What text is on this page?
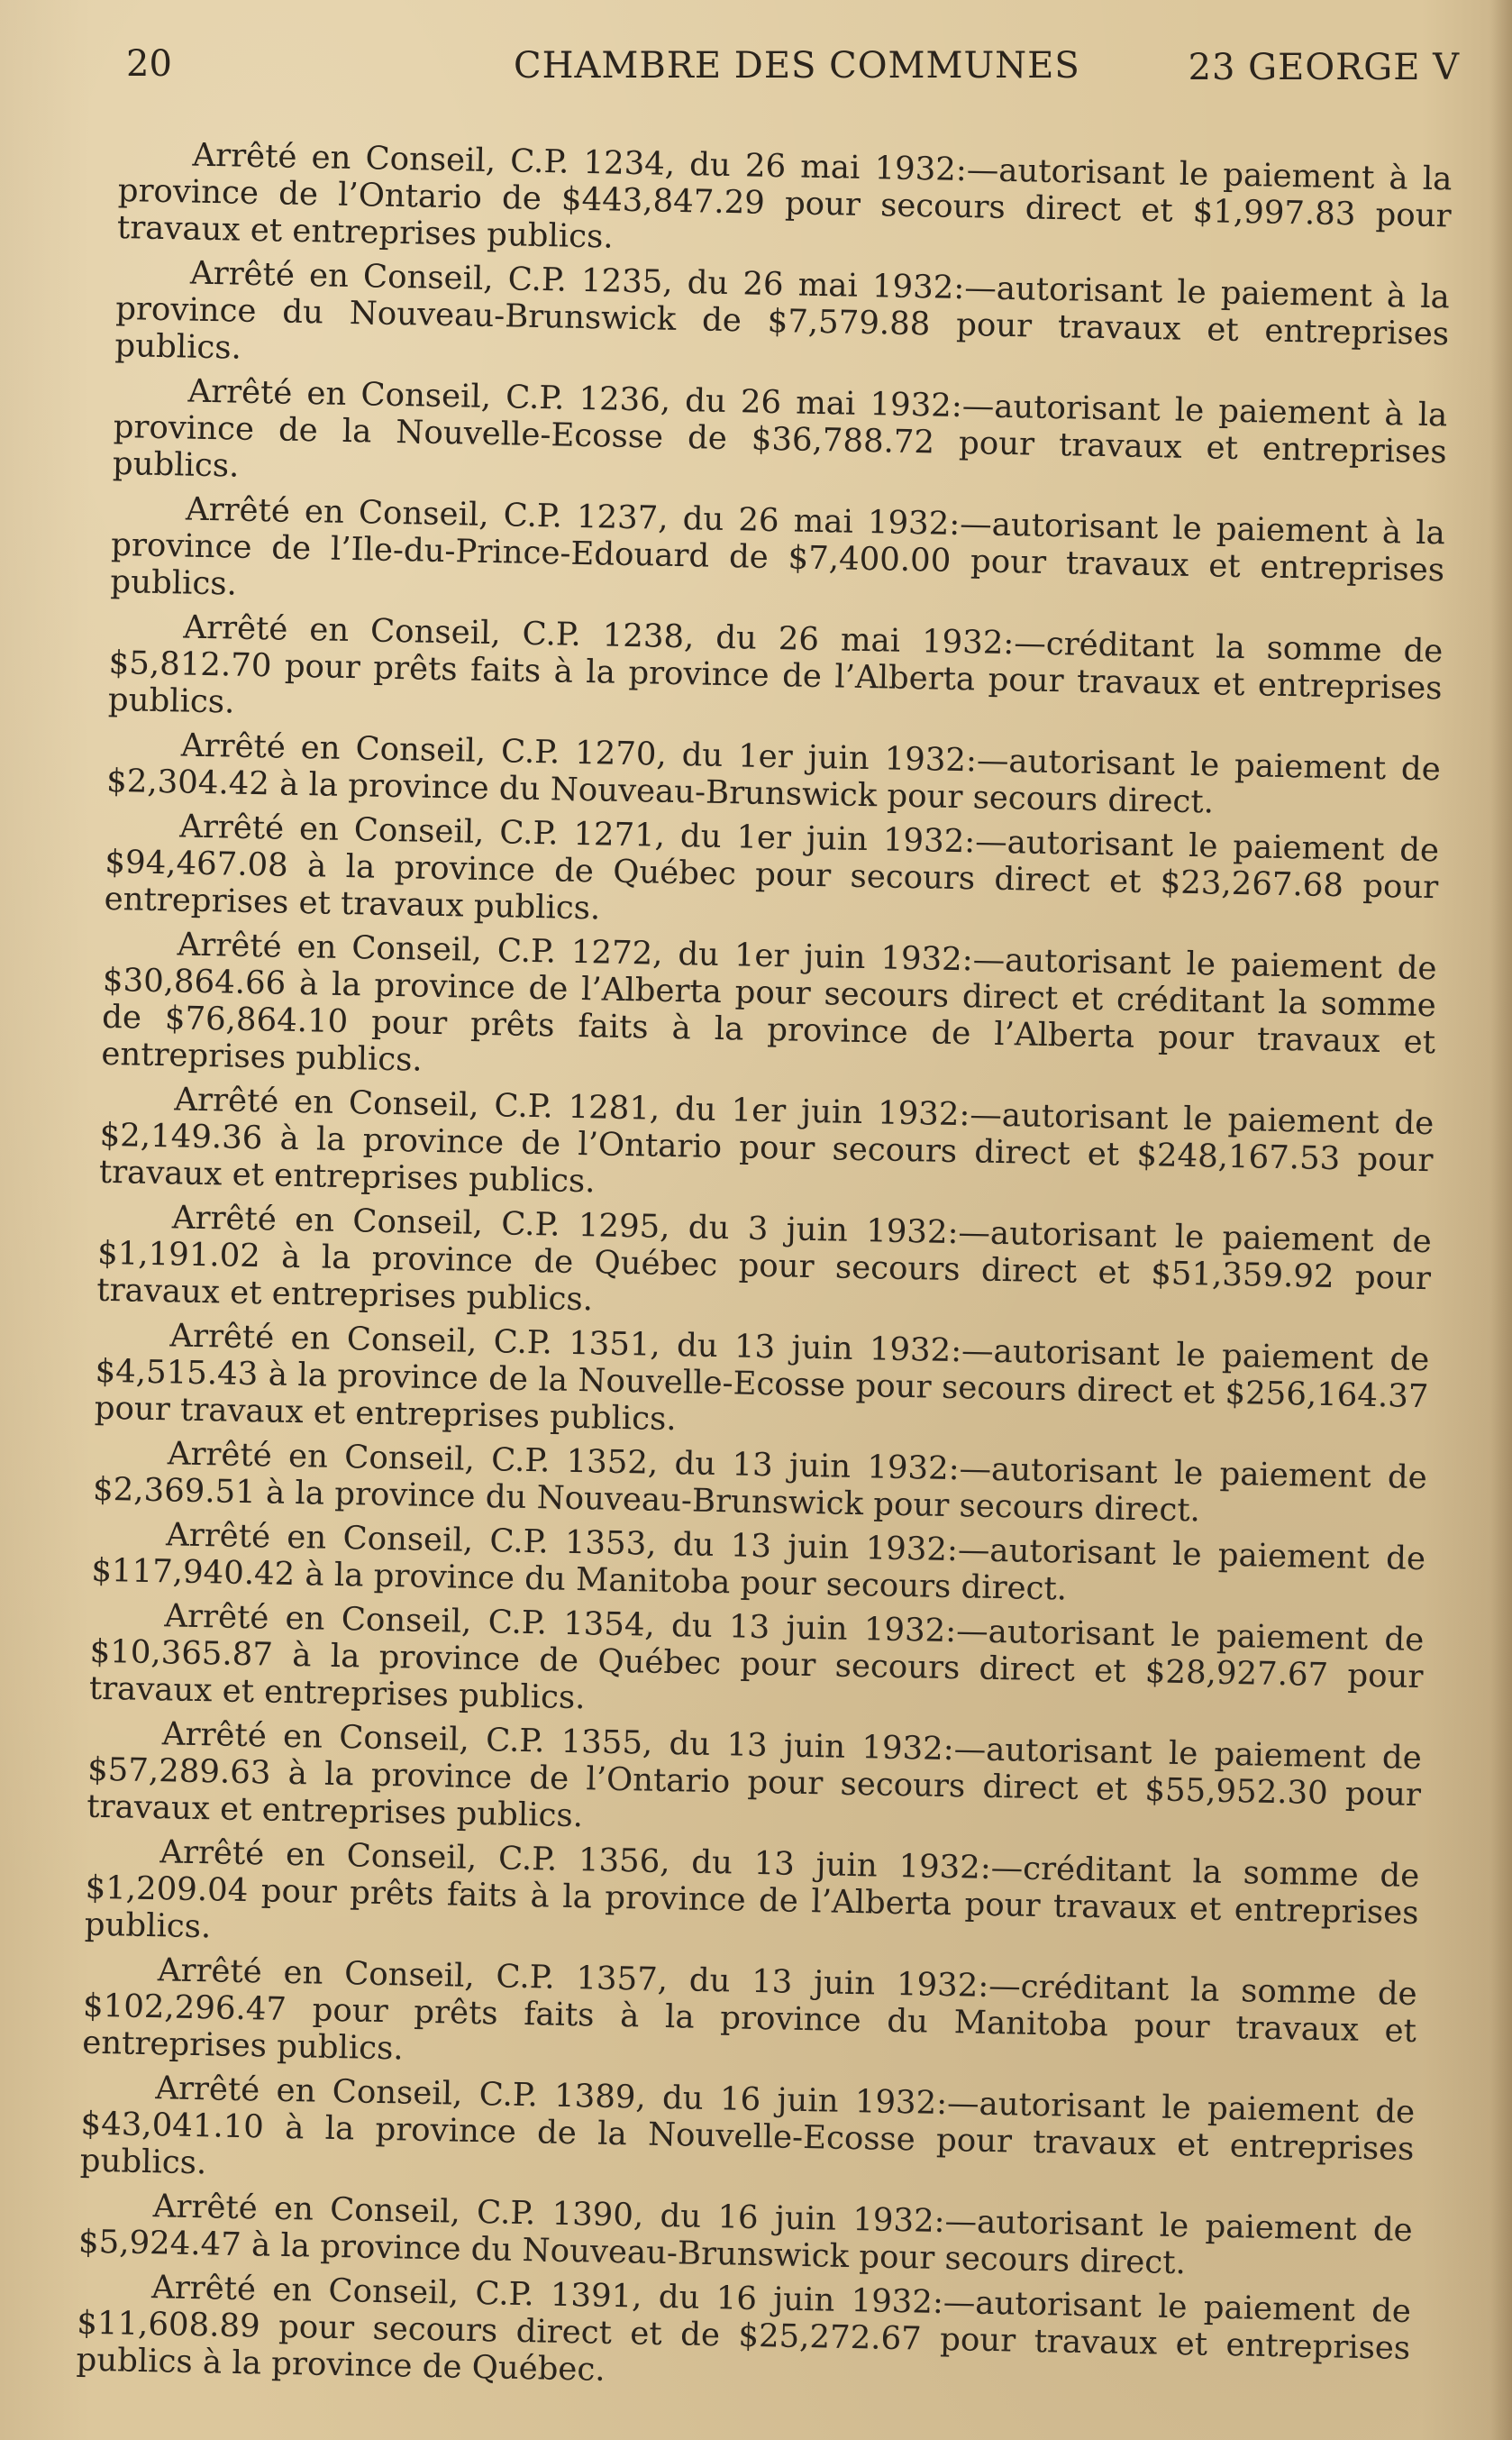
20	CHAMBRE DES COMMUNES	23 GEORGE V

Arrêté en Conseil, C.P. 1234, du 26 mai 1932:—autorisant le paiement à la province de l’Ontario de $443,847.29 pour secours direct et $1,997.83 pour travaux et entreprises publics.

Arrêté en Conseil, C.P. 1235, du 26 mai 1932:—autorisant le paiement à la province du Nouveau-Brunswick de $7,579.88 pour travaux et entreprises publics.

Arrêté en Conseil, C.P. 1236, du 26 mai 1932:—autorisant le paiement à la province de la Nouvelle-Ecosse de $36,788.72 pour travaux et entreprises publics.

Arrêté en Conseil, C.P. 1237, du 26 mai 1932:—autorisant le paiement à la province de l’Ile-du-Prince-Edouard de $7,400.00 pour travaux et entreprises publics.

Arrêté en Conseil, C.P. 1238, du 26 mai 1932:—créditant la somme de $5,812.70 pour prêts faits à la province de l’Alberta pour travaux et entreprises publics.

Arrêté en Conseil, C.P. 1270, du 1er juin 1932:—autorisant le paiement de $2,304.42 à la province du Nouveau-Brunswick pour secours direct.

Arrêté en Conseil, C.P. 1271, du 1er juin 1932:—autorisant le paiement de $94,467.08 à la province de Québec pour secours direct et $23,267.68 pour entreprises et travaux publics.

Arrêté en Conseil, C.P. 1272, du 1er juin 1932:—autorisant le paiement de $30,864.66 à la province de l’Alberta pour secours direct et créditant la somme de $76,864.10 pour prêts faits à la province de l’Alberta pour travaux et entreprises publics.

Arrêté en Conseil, C.P. 1281, du 1er juin 1932:—autorisant le paiement de $2,149.36 à la province de l’Ontario pour secours direct et $248,167.53 pour travaux et entreprises publics.

Arrêté en Conseil, C.P. 1295, du 3 juin 1932:—autorisant le paiement de $1,191.02 à la province de Québec pour secours direct et $51,359.92 pour travaux et entreprises publics.

Arrêté en Conseil, C.P. 1351, du 13 juin 1932:—autorisant le paiement de $4,515.43 à la province de la Nouvelle-Ecosse pour secours direct et $256,164.37 pour travaux et entreprises publics.

Arrêté en Conseil, C.P. 1352, du 13 juin 1932:—autorisant le paiement de $2,369.51 à la province du Nouveau-Brunswick pour secours direct.

Arrêté en Conseil, C.P. 1353, du 13 juin 1932:—autorisant le paiement de $117,940.42 à la province du Manitoba pour secours direct.

Arrêté en Conseil, C.P. 1354, du 13 juin 1932:—autorisant le paiement de $10,365.87 à la province de Québec pour secours direct et $28,927.67 pour travaux et entreprises publics.

Arrêté en Conseil, C.P. 1355, du 13 juin 1932:—autorisant le paiement de $57,289.63 à la province de l’Ontario pour secours direct et $55,952.30 pour travaux et entreprises publics.

Arrêté en Conseil, C.P. 1356, du 13 juin 1932:—créditant la somme de $1,209.04 pour prêts faits à la province de l’Alberta pour travaux et entreprises publics.

Arrêté en Conseil, C.P. 1357, du 13 juin 1932:—créditant la somme de $102,296.47 pour prêts faits à la province du Manitoba pour travaux et entreprises publics.

Arrêté en Conseil, C.P. 1389, du 16 juin 1932:—autorisant le paiement de $43,041.10 à la province de la Nouvelle-Ecosse pour travaux et entreprises publics.

Arrêté en Conseil, C.P. 1390, du 16 juin 1932:—autorisant le paiement de $5,924.47 à la province du Nouveau-Brunswick pour secours direct.

Arrêté en Conseil, C.P. 1391, du 16 juin 1932:—autorisant le paiement de $11,608.89 pour secours direct et de $25,272.67 pour travaux et entreprises publics à la province de Québec.
